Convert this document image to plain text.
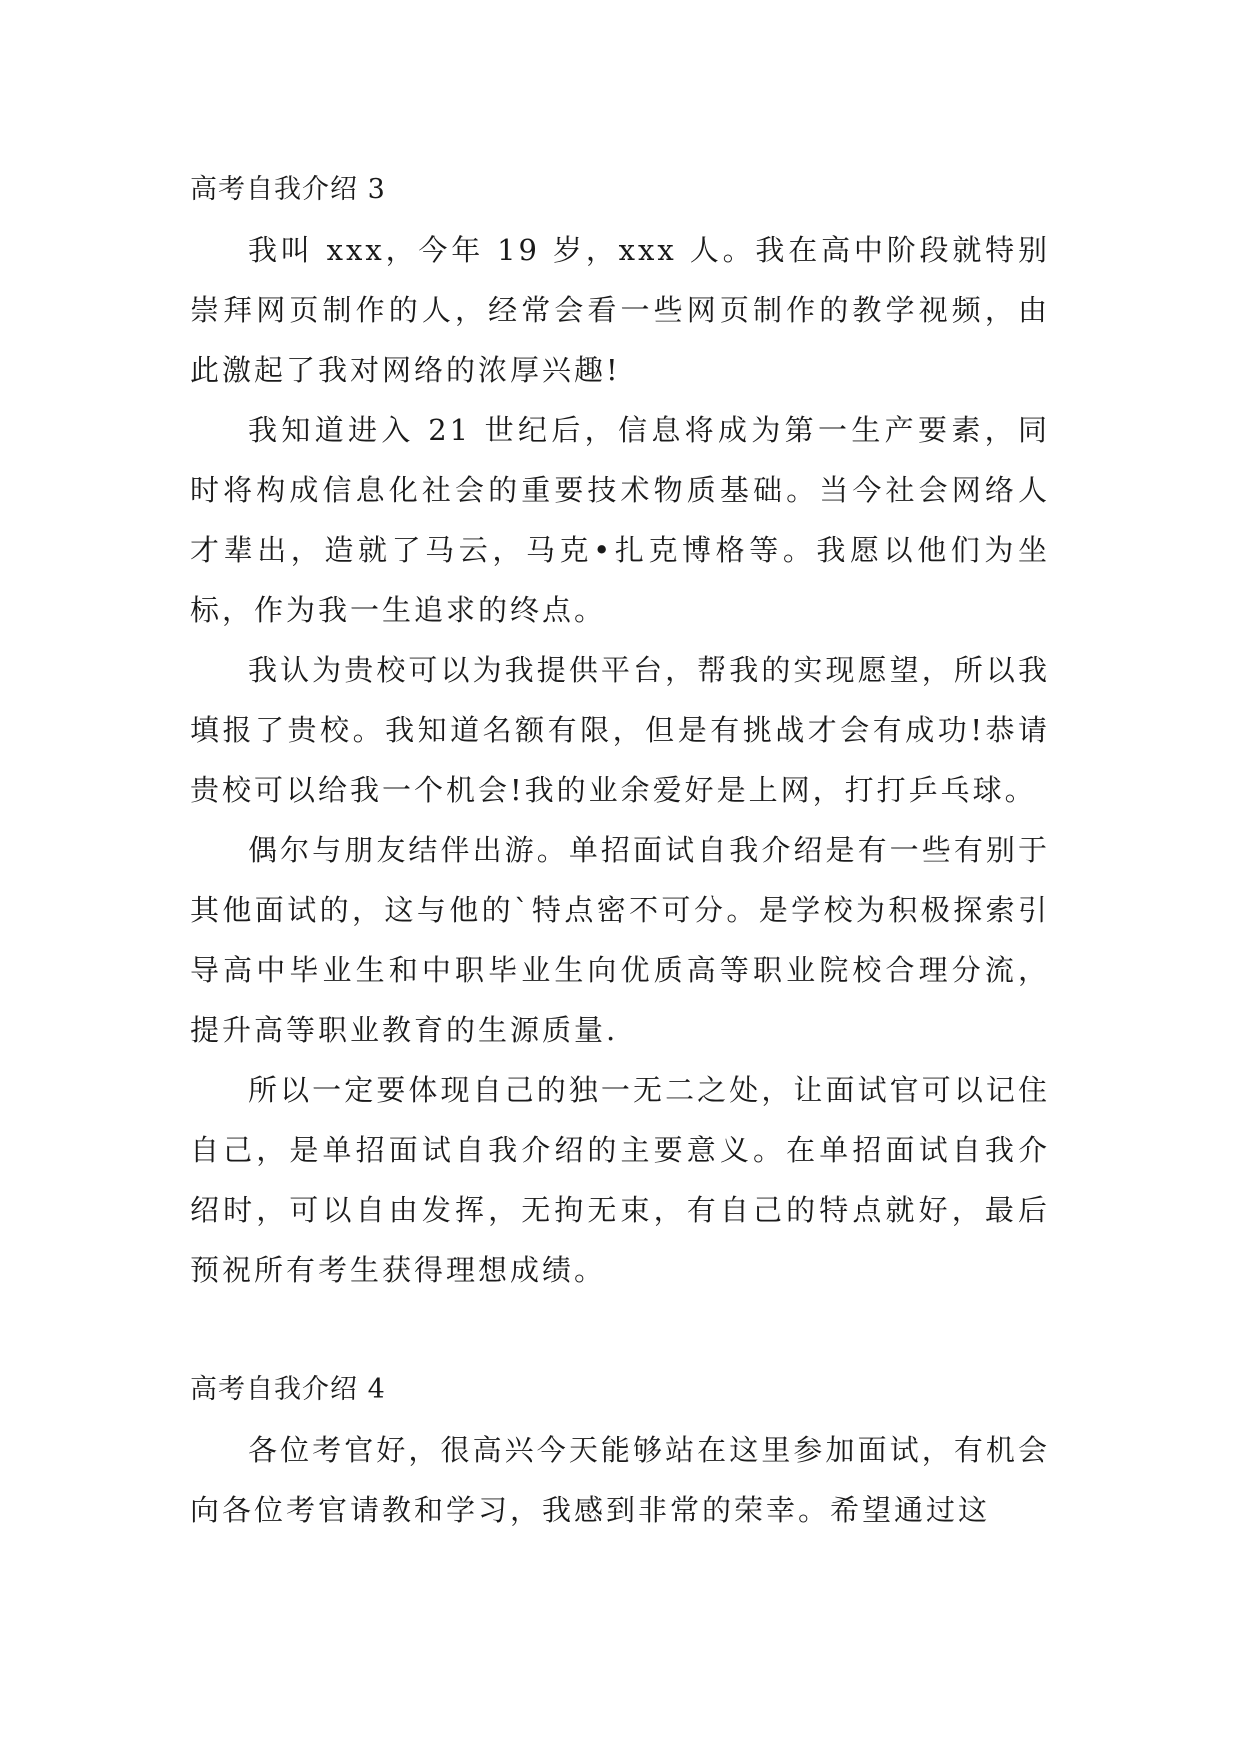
高考自我介绍 3

我叫 xxx，今年 19 岁，xxx 人。我在高中阶段就特别崇拜网页制作的人，经常会看一些网页制作的教学视频，由此激起了我对网络的浓厚兴趣!

我知道进入 21 世纪后，信息将成为第一生产要素，同时将构成信息化社会的重要技术物质基础。当今社会网络人才辈出，造就了马云，马克•扎克博格等。我愿以他们为坐标，作为我一生追求的终点。

我认为贵校可以为我提供平台，帮我的实现愿望，所以我填报了贵校。我知道名额有限，但是有挑战才会有成功!恭请贵校可以给我一个机会!我的业余爱好是上网，打打乒乓球。

偶尔与朋友结伴出游。单招面试自我介绍是有一些有别于其他面试的，这与他的`特点密不可分。是学校为积极探索引导高中毕业生和中职毕业生向优质高等职业院校合理分流，提升高等职业教育的生源质量.

所以一定要体现自己的独一无二之处，让面试官可以记住自己，是单招面试自我介绍的主要意义。在单招面试自我介绍时，可以自由发挥，无拘无束，有自己的特点就好，最后预祝所有考生获得理想成绩。

高考自我介绍 4

各位考官好，很高兴今天能够站在这里参加面试，有机会向各位考官请教和学习，我感到非常的荣幸。希望通过这
